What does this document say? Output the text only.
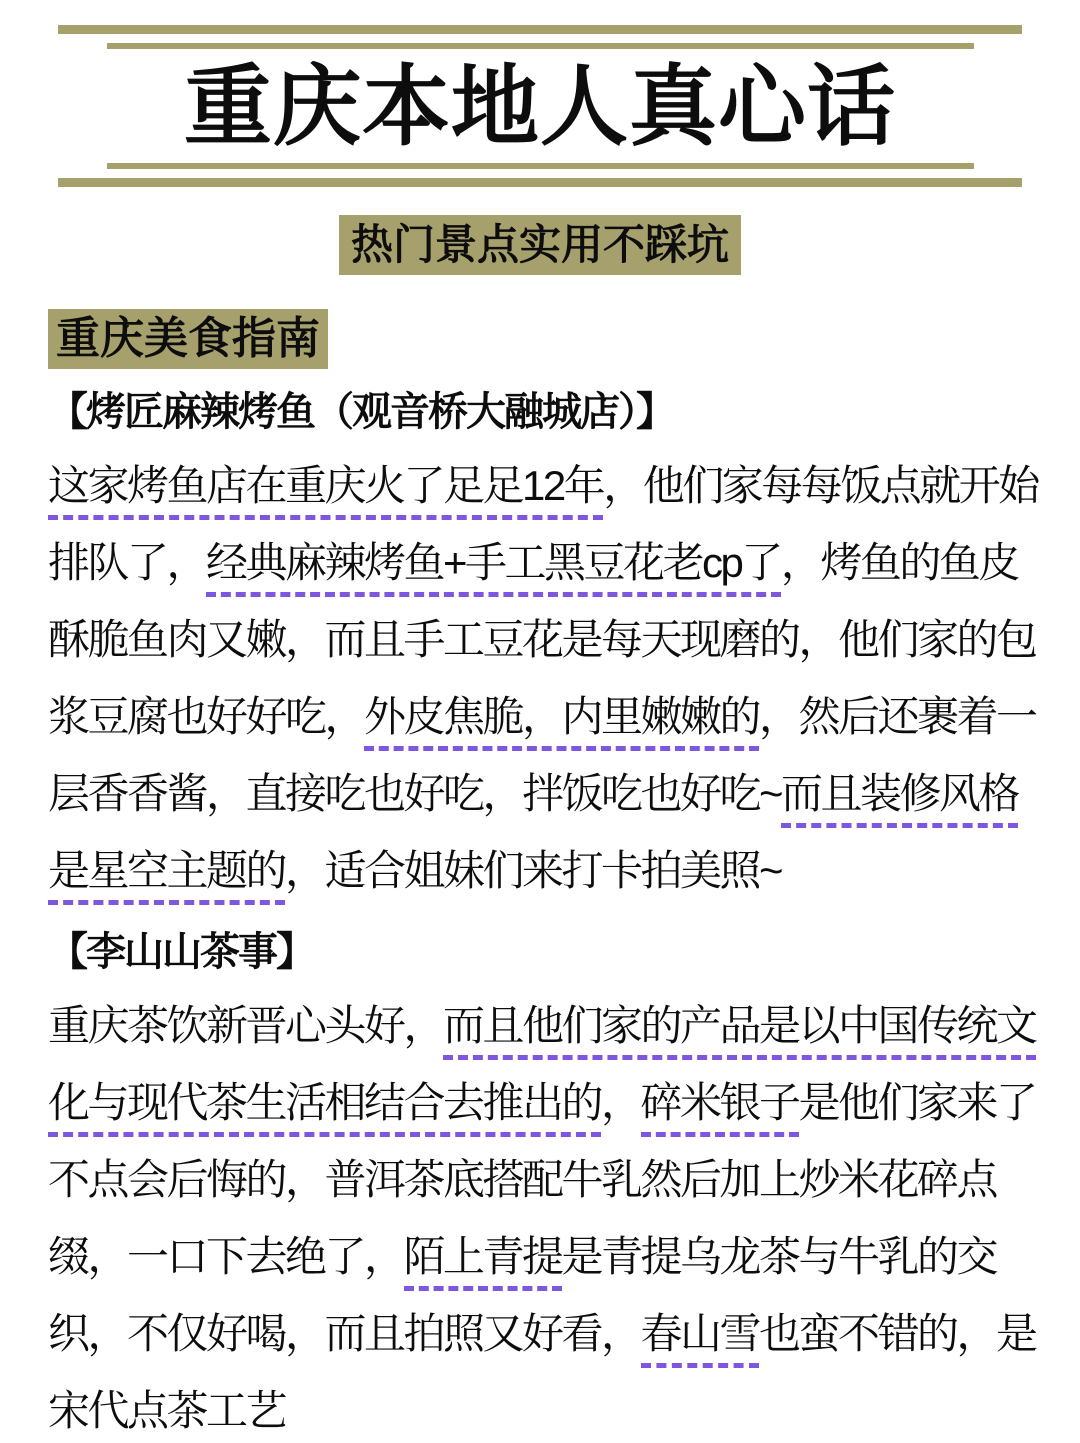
重庆本地人真心话
热门景点实用不踩坑
重庆美食指南
【烤匠麻辣烤鱼（观音桥大融城店）】
这家烤鱼店在重庆火了足足12年，他们家每每饭点就开始
排队了，经典麻辣烤鱼+手工黑豆花老cp了，烤鱼的鱼皮
酥脆鱼肉又嫩，而且手工豆花是每天现磨的，他们家的包
浆豆腐也好好吃，外皮焦脆，内里嫩嫩的，然后还裹着一
层香香酱，直接吃也好吃，拌饭吃也好吃~而且装修风格
是星空主题的，适合姐妹们来打卡拍美照~
【李山山茶事】
重庆茶饮新晋心头好，而且他们家的产品是以中国传统文
化与现代茶生活相结合去推出的，碎米银子是他们家来了
不点会后悔的，普洱茶底搭配牛乳然后加上炒米花碎点
缀，一口下去绝了，陌上青提是青提乌龙茶与牛乳的交
织，不仅好喝，而且拍照又好看，春山雪也蛮不错的，是
宋代点茶工艺
